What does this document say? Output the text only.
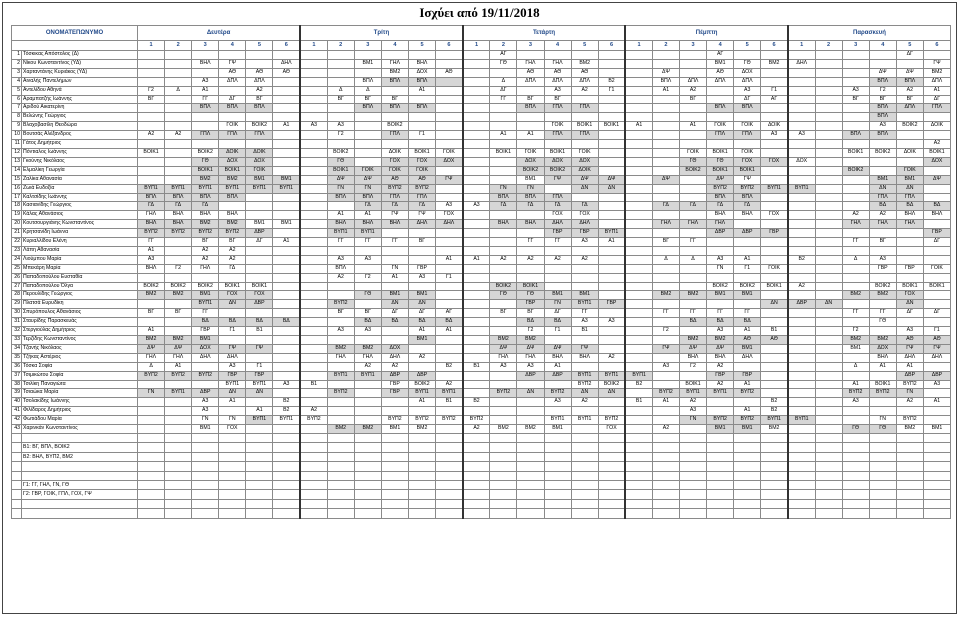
Ισχύει από 19/11/2018
ΟΝΟΜΑΤΕΠΩΝΥΜΟ		Δευτέρα						Τρίτη						Τετάρτη						Πέμπτη						Παρασκευή					
		1	2	3	4	5	6	1	2	3	4	5	6	1	2	3	4	5	6	1	2	3	4	5	6	1	2	3	4	5	6
1	Τόσκικας Απόστολος (Δ)														ΑΓ								ΑΓ							ΔΓ	
2	Νίκου Κωνσταντίνος (ΥΔ)			ΒΗΛ	ΓΨ		ΔΗΛ			ΒΜ1	ΓΗΛ	ΒΗΛ			ΓΘ	ΓΗΛ	ΓΗΛ	ΒΜ2					ΒΜ1	ΓΘ	ΒΜ2	ΔΗΛ					ΓΨ
3	Χαρταντάνης Κυριάκος (ΥΔ)				ΑΘ	ΑΘ	ΑΘ				ΒΜ2	ΔΟΧ	ΑΘ			ΑΘ	ΑΘ	ΑΘ			ΔΨ		ΑΘ	ΔΟΧ					ΔΨ	ΔΨ	ΒΜ2
4	Αιναλής Παντελήμων			Α3	ΔΠΛ	ΔΠΛ				ΒΠΛ	ΒΠΛ	ΒΠΛ			Δ	ΔΠΛ	ΔΠΛ	ΔΠΛ	Β2		ΒΠΛ	ΔΠΛ	ΔΠΛ	ΔΠΛ					ΒΠΛ	ΒΠΛ	ΔΠΛ
5	Αντελίδου Αθηνά	Γ2	Δ	Α1		Α2			Δ	Δ		Α1			ΔΓ		Α3	Α2	Γ1		Α1	Α2		Α3	Γ1			Α3	Γ2	Α2	Α1
6	Αραμπατζής Ιωάννης	ΒΓ		ΓΓ	ΔΓ	ΒΓ			ΒΓ	ΒΓ	ΒΓ				ΓΓ	ΒΓ	ΒΓ					ΒΓ		ΔΓ	ΑΓ			ΒΓ	ΒΓ	ΒΓ	ΔΓ
7	Αριδού Αικατερίνη			ΒΠΛ	ΒΠΛ	ΒΠΛ				ΒΠΛ	ΒΠΛ	ΒΠΛ				ΒΠΛ	ΓΠΛ	ΓΠΛ					ΒΠΛ	ΒΠΛ					ΒΠΛ	ΔΠΛ	ΓΠΛ
8	Βελώνης Γεώργιος																												ΒΠΛ		
9	Βλαχοβασίλη Θεοδώρα				ΓΟΙΚ	ΒΟΙΚ2	Α1	Α3	Α3		ΒΟΙΚ2						ΓΟΙΚ	ΒΟΙΚ1	ΒΟΙΚ1	Α1		Α1	ΓΟΙΚ	ΓΟΙΚ	ΔΟΙΚ				Α3	ΒΟΙΚ2	ΔΟΙΚ
10	Βουτσάς Αλέξανδρος	Α2	Α2	ΓΠΛ	ΓΠΛ	ΓΠΛ			Γ2		ΓΠΛ	Γ1			Α1	Α1	ΓΠΛ	ΓΠΛ					ΓΠΛ	ΓΠΛ	Α3	Α3		ΒΠΛ	ΒΠΛ		
11	Γάτος Δημήτριος																														Α2
12	Πόντιαλος Ιωάννης	ΒΟΙΚ1		ΒΟΙΚ2	ΔΟΙΚ	ΔΟΙΚ			ΒΟΙΚ2		ΔΟΙΚ	ΒΟΙΚ1	ΓΟΙΚ		ΒΟΙΚ1	ΓΟΙΚ	ΒΟΙΚ1	ΓΟΙΚ				ΓΟΙΚ	ΒΟΙΚ1	ΓΟΙΚ				ΒΟΙΚ1	ΒΟΙΚ2	ΔΟΙΚ	ΒΟΙΚ1
13	Γκούνης Νικόλαος			ΓΘ	ΔΟΧ	ΔΟΧ			ΓΘ		ΓΟΧ	ΓΟΧ	ΔΟΧ			ΔΟΧ	ΔΟΧ	ΔΟΧ				ΓΘ	ΓΘ	ΓΟΧ	ΓΟΧ	ΔΟΧ					ΔΟΧ
14	Ελμαλίκη Γεωργία			ΒΟΙΚ1	ΒΟΙΚ1	ΓΟΙΚ			ΒΟΙΚ1	ΓΟΙΚ	ΓΟΙΚ	ΓΟΙΚ				ΒΟΙΚ2	ΒΟΙΚ2	ΔΟΙΚ				ΒΟΙΚ2	ΒΟΙΚ1	ΒΟΙΚ1				ΒΟΙΚ2		ΓΟΙΚ	
15	Ζαλίκα Αθανασία			ΒΜ2	ΒΜ2	ΒΜ1	ΒΜ1		ΔΨ	ΔΨ	ΑΘ	ΑΘ	ΓΨ			ΒΜ1	ΓΨ	ΔΨ	ΔΨ		ΔΨ		ΔΨ	ΓΨ					ΒΜ1	ΒΜ1	ΔΨ
16	Ζωιά Ευδοξία	ΒΥΠ1	ΒΥΠ1	ΒΥΠ1	ΒΥΠ1	ΒΥΠ1	ΒΥΠ1		ΓΝ	ΓΝ	ΒΥΠ2	ΒΥΠ2			ΓΝ	ΓΝ		ΔΝ	ΔΝ				ΒΥΠ2	ΒΥΠ2	ΒΥΠ1	ΒΥΠ1			ΔΝ	ΔΝ	
17	Καλτσίδης Ιωάννης	ΒΠΛ	ΒΠΛ	ΒΠΛ	ΒΠΛ				ΒΠΛ	ΒΠΛ	ΓΠΛ	ΓΠΛ			ΒΠΛ	ΒΠΛ	ΓΠΛ						ΒΠΛ	ΒΠΛ					ΓΠΛ	ΓΠΛ	
18	Κασιανίδης Γεώργιος	ΓΔ	ΓΔ	ΓΔ						ΓΔ	ΓΔ	ΓΔ	Α3	Α3	ΓΔ	ΓΔ	ΓΔ	ΓΔ			ΓΔ	ΓΔ	ΓΔ	ΓΔ					ΒΔ	ΒΔ	ΒΔ
19	Κάλας Αθανάσιος	ΓΗΛ	ΒΗΛ	ΒΗΛ	ΒΗΛ				Α1	Α1	ΓΨ	ΓΨ	ΓΟΧ				ΓΟΧ	ΓΟΧ					ΒΗΛ	ΒΗΛ	ΓΟΧ			Α2	Α2	ΒΗΛ	ΒΗΛ
20	Κουτσουργιάνης Κωνσταντίνος	ΒΗΛ	ΒΗΛ	ΒΜ2	ΒΜ2	ΒΜ1	ΒΜ1		ΒΗΛ	ΒΗΛ	ΒΗΛ	ΔΗΛ	ΔΗΛ		ΒΗΛ	ΒΗΛ	ΔΗΛ	ΔΗΛ			ΓΗΛ	ΓΗΛ	ΓΗΛ					ΓΗΛ	ΓΗΛ	ΓΗΛ	
21	Κρητσανίδη Ιωάννα	ΒΥΠ2	ΒΥΠ2	ΒΥΠ2	ΒΥΠ2	ΔΒΡ			ΒΥΠ1	ΒΥΠ1							ΓΒΡ	ΓΒΡ	ΒΥΠ1				ΔΒΡ	ΔΒΡ	ΓΒΡ						ΓΒΡ
22	Κυριαλλίδου Ελένη	ΓΓ		ΒΓ	ΒΓ	ΔΓ	Α1		ΓΓ	ΓΓ	ΓΓ	ΒΓ				ΓΓ	ΓΓ	Α3	Α1		ΒΓ	ΓΓ						ΓΓ	ΒΓ		ΔΓ
23	Λάπη Αθανασία	Α1		Α2	Α2																										
24	Λιούμπου Μαρία	Α3		Α2	Α2				Α3	Α3			Α1	Α1	Α2	Α2	Α2	Α2			Δ	Δ	Α3	Α1		Β2		Δ	Α3		
25	Μπεκάρη Μαρία	ΒΗΛ	Γ2	ΓΗΛ	ΓΔ				ΒΠΛ		ΓΝ	ΓΒΡ											ΓΝ	Γ1	ΓΟΙΚ				ΓΒΡ	ΓΒΡ	ΓΟΙΚ
26	Παπαδοπούλου Ευσταθία								Α2	Γ2	Α1	Α3	Γ1																		
27	Παπαδοπούλου Όλγα	ΒΟΙΚ2	ΒΟΙΚ2	ΒΟΙΚ2	ΒΟΙΚ1	ΒΟΙΚ1									ΒΟΙΚ2	ΒΟΙΚ1							ΒΟΙΚ2	ΒΟΙΚ2	ΒΟΙΚ1	Α2			ΒΟΙΚ2	ΒΟΙΚ1	ΒΟΙΚ1
28	Περουλίδης Γεώργιος	ΒΜ2	ΒΜ2	ΒΜ1	ΓΟΧ	ΓΟΧ				ΓΘ	ΒΜ1	ΒΜ1			ΓΘ	ΓΘ	ΒΜ1	ΒΜ1			ΒΜ2	ΒΜ2	ΒΜ1	ΒΜ1				ΒΜ2	ΒΜ2	ΓΟΧ	
29	Πλατσά Ευρυδίκη			ΒΥΠ1	ΔΝ	ΔΒΡ			ΒΥΠ2		ΔΝ	ΔΝ				ΓΒΡ	ΓΝ	ΒΥΠ1	ΓΒΡ						ΔΝ	ΔΒΡ	ΔΝ			ΔΝ	
30	Σπυρόπουλος Αθανάσιος	ΒΓ	ΒΓ	ΓΓ					ΒΓ	ΒΓ	ΔΓ	ΔΓ	ΑΓ		ΒΓ	ΒΓ	ΔΓ	ΓΓ			ΓΓ	ΓΓ	ΓΓ	ΓΓ				ΓΓ	ΓΓ	ΔΓ	ΔΓ
31	Σταυρίδης Παρασκευάς			ΒΔ	ΒΔ	ΒΔ	ΒΔ			ΒΔ	ΒΔ	ΒΔ	ΒΔ			ΒΔ	ΒΔ	Α3	Α3			ΒΔ	ΒΔ	ΒΔ					ΓΘ		
32	Στεργιούλας Δημήτριος	Α1		ΓΒΡ	Γ1	Β1			Α3	Α3		Α1	Α1			Γ2	Γ1	Β1			Γ2		Α3	Α1	Β1			Γ2		Α3	Γ1
33	Τερζίδης Κωνσταντίνος	ΒΜ2	ΒΜ2	ΒΜ1								ΒΜ1			ΒΜ2	ΒΜ2						ΒΜ2	ΒΜ2	ΑΘ	ΑΘ			ΒΜ2	ΒΜ2	ΑΘ	ΑΘ
34	Τζανής Νικόλαος	ΔΨ	ΔΨ	ΔΟΧ	ΓΨ	ΓΨ			ΒΜ2	ΒΜ2	ΔΟΧ				ΔΨ	ΔΨ	ΔΨ	ΓΨ			ΓΨ	ΔΨ	ΔΨ	ΒΜ1				ΒΜ1	ΔΟΧ	ΓΨ	ΓΨ
35	Τζήκας Αστέριος	ΓΗΛ	ΓΗΛ	ΔΗΛ	ΔΗΛ				ΓΗΛ	ΓΗΛ	ΔΗΛ	Α2			ΓΗΛ	ΓΗΛ	ΒΗΛ	ΒΗΛ	Α2			ΒΗΛ	ΒΗΛ	ΔΗΛ					ΒΗΛ	ΔΗΛ	ΔΗΛ
36	Τόσκα Σοφία	Δ	Α1		Α3	Γ1				Α2	Α2		Β2	Β1	Α3	Α3	Α1				Α3	Γ2	Α2					Δ	Α1	Α1	
37	Τσιμικώτου Σοφία	ΒΥΠ2	ΒΥΠ2	ΒΥΠ2	ΓΒΡ	ΓΒΡ			ΒΥΠ1	ΒΥΠ1	ΔΒΡ	ΔΒΡ				ΔΒΡ	ΔΒΡ	ΒΥΠ1	ΒΥΠ1	ΒΥΠ1			ΓΒΡ	ΓΒΡ						ΔΒΡ	ΔΒΡ
38	Τσιλίκη Παναγιώτα				ΒΥΠ1	ΒΥΠ1	Α3	Β1			ΓΒΡ	ΒΟΙΚ2	Α2					ΒΥΠ2	ΒΟΙΚ2	Β2		ΒΟΙΚ1	Α2	Α1				Α1	ΒΟΙΚ1	ΒΥΠ2	Α3
39	Τσιαώκα Μαρία	ΓΝ	ΒΥΠ1	ΔΒΡ	ΔΝ	ΔΝ			ΒΥΠ2		ΓΒΡ	ΒΥΠ1	ΒΥΠ1		ΒΥΠ2	ΔΝ	ΒΥΠ2	ΔΝ	ΔΝ		ΒΥΠ2	ΒΥΠ1	ΒΥΠ1	ΒΥΠ2				ΒΥΠ2	ΒΥΠ2	ΓΝ	
40	Τσολακίδης Ιωάννης			Α3	Α1		Β2					Α1	Β1	Β2			Α3	Α2		Β1	Α1	Α2			Β2			Α3		Α2	Α1
41	Φιλίδαρος Δημήτριος			Α3		Α1	Β2	Α2														Α3		Α1	Β2						
42	Φωτιάδου Μαρία			ΓΝ	ΓΝ	ΒΥΠ1	ΒΥΠ1	ΒΥΠ2			ΒΥΠ2	ΒΥΠ2	ΒΥΠ2	ΒΥΠ2			ΒΥΠ1	ΒΥΠ1	ΒΥΠ2			ΓΝ	ΒΥΠ2	ΒΥΠ2	ΒΥΠ1	ΒΥΠ1			ΓΝ	ΒΥΠ2	
43	Χαρινκάν Κωνσταντίνος			ΒΜ1	ΓΟΧ				ΒΜ2	ΒΜ2	ΒΜ1	ΒΜ2		Α2	ΒΜ2	ΒΜ2	ΒΜ1		ΓΟΧ		Α2		ΒΜ1	ΒΜ1	ΒΜ2			ΓΘ	ΓΘ	ΒΜ2	ΒΜ1

	Β1: ΒΓ, ΒΠΛ, ΒΟΙΚ2																														
	Β2: ΒΗΛ, ΒΥΠ2, ΒΜ2																														

	Γ1: ΓΓ, ΓΗΛ, ΓΝ, ΓΘ																														
	Γ2: ΓΒΡ, ΓΟΙΚ, ΓΠΛ, ΓΟΧ, ΓΨ																														
